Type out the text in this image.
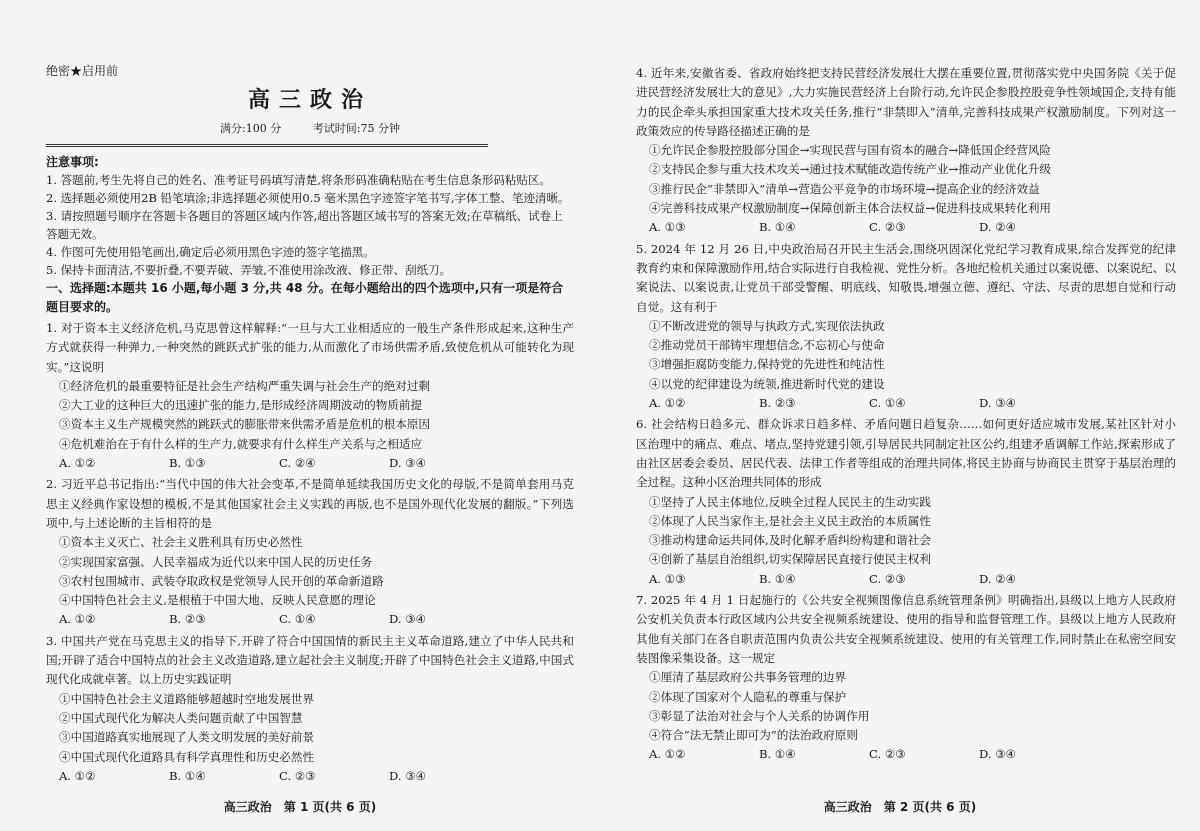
绝密★启用前
高三政治
满分:100 分	考试时间:75 分钟
注意事项:
1. 答题前,考生先将自己的姓名、准考证号码填写清楚,将条形码准确粘贴在考生信息条形码粘贴区。
2. 选择题必须使用2B 铅笔填涂;非选择题必须使用0.5 毫米黑色字迹签字笔书写,字体工整、笔迹清晰。
3. 请按照题号顺序在答题卡各题目的答题区域内作答,超出答题区域书写的答案无效;在草稿纸、试卷上答题无效。
4. 作图可先使用铅笔画出,确定后必须用黑色字迹的签字笔描黑。
5. 保持卡面清洁,不要折叠,不要弄破、弄皱,不准使用涂改液、修正带、刮纸刀。
一、选择题:本题共 16 小题,每小题 3 分,共 48 分。在每小题给出的四个选项中,只有一项是符合题目要求的。
1. 对于资本主义经济危机,马克思曾这样解释:“一旦与大工业相适应的一般生产条件形成起来,这种生产方式就获得一种弹力,一种突然的跳跃式扩张的能力,从而激化了市场供需矛盾,致使危机从可能转化为现实。”这说明
①经济危机的最重要特征是社会生产结构严重失调与社会生产的绝对过剩
②大工业的这种巨大的迅速扩张的能力,是形成经济周期波动的物质前提
③资本主义生产规模突然的跳跃式的膨胀带来供需矛盾是危机的根本原因
④危机难治在于有什么样的生产力,就要求有什么样生产关系与之相适应
A. ①②	B. ①③	C. ②④	D. ③④
2. 习近平总书记指出:“当代中国的伟大社会变革,不是简单延续我国历史文化的母版,不是简单套用马克思主义经典作家设想的模板,不是其他国家社会主义实践的再版,也不是国外现代化发展的翻版。”下列选项中,与上述论断的主旨相符的是
①资本主义灭亡、社会主义胜利具有历史必然性
②实现国家富强、人民幸福成为近代以来中国人民的历史任务
③农村包围城市、武装夺取政权是党领导人民开创的革命新道路
④中国特色社会主义,是根植于中国大地、反映人民意愿的理论
A. ①②	B. ②③	C. ①④	D. ③④
3. 中国共产党在马克思主义的指导下,开辟了符合中国国情的新民主主义革命道路,建立了中华人民共和国;开辟了适合中国特点的社会主义改造道路,建立起社会主义制度;开辟了中国特色社会主义道路,中国式现代化成就卓著。以上历史实践证明
①中国特色社会主义道路能够超越时空地发展世界
②中国式现代化为解决人类问题贡献了中国智慧
③中国道路真实地展现了人类文明发展的美好前景
④中国式现代化道路具有科学真理性和历史必然性
A. ①②	B. ①④	C. ②③	D. ③④
高三政治　第 1 页(共 6 页)
4. 近年来,安徽省委、省政府始终把支持民营经济发展壮大摆在重要位置,贯彻落实党中央国务院《关于促进民营经济发展壮大的意见》,大力实施民营经济上台阶行动,允许民企参股控股竞争性领域国企,支持有能力的民企牵头承担国家重大技术攻关任务,推行“非禁即入”清单,完善科技成果产权激励制度。下列对这一政策效应的传导路径描述正确的是
①允许民企参股控股部分国企→实现民营与国有资本的融合→降低国企经营风险
②支持民企参与重大技术攻关→通过技术赋能改造传统产业→推动产业优化升级
③推行民企“非禁即入”清单→营造公平竞争的市场环境→提高企业的经济效益
④完善科技成果产权激励制度→保障创新主体合法权益→促进科技成果转化利用
A. ①③	B. ①④	C. ②③	D. ②④
5. 2024 年 12 月 26 日,中央政治局召开民主生活会,围绕巩固深化党纪学习教育成果,综合发挥党的纪律教育约束和保障激励作用,结合实际进行自我检视、党性分析。各地纪检机关通过以案说德、以案说纪、以案说法、以案说责,让党员干部受警醒、明底线、知敬畏,增强立德、遵纪、守法、尽责的思想自觉和行动自觉。这有利于
①不断改进党的领导与执政方式,实现依法执政
②推动党员干部铸牢理想信念,不忘初心与使命
③增强拒腐防变能力,保持党的先进性和纯洁性
④以党的纪律建设为统领,推进新时代党的建设
A. ①②	B. ②③	C. ①④	D. ③④
6. 社会结构日趋多元、群众诉求日趋多样、矛盾问题日趋复杂……如何更好适应城市发展,某社区针对小区治理中的痛点、难点、堵点,坚持党建引领,引导居民共同制定社区公约,组建矛盾调解工作站,探索形成了由社区居委会委员、居民代表、法律工作者等组成的治理共同体,将民主协商与协商民主贯穿于基层治理的全过程。这种小区治理共同体的形成
①坚持了人民主体地位,反映全过程人民民主的生动实践
②体现了人民当家作主,是社会主义民主政治的本质属性
③推动构建命运共同体,及时化解矛盾纠纷构建和谐社会
④创新了基层自治组织,切实保障居民直接行使民主权利
A. ①③	B. ①④	C. ②③	D. ②④
7. 2025 年 4 月 1 日起施行的《公共安全视频图像信息系统管理条例》明确指出,县级以上地方人民政府公安机关负责本行政区域内公共安全视频系统建设、使用的指导和监督管理工作。县级以上地方人民政府其他有关部门在各自职责范围内负责公共安全视频系统建设、使用的有关管理工作,同时禁止在私密空间安装图像采集设备。这一规定
①厘清了基层政府公共事务管理的边界
②体现了国家对个人隐私的尊重与保护
③彰显了法治对社会与个人关系的协调作用
④符合“法无禁止即可为”的法治政府原则
A. ①②	B. ①④	C. ②③	D. ③④
高三政治　第 2 页(共 6 页)
